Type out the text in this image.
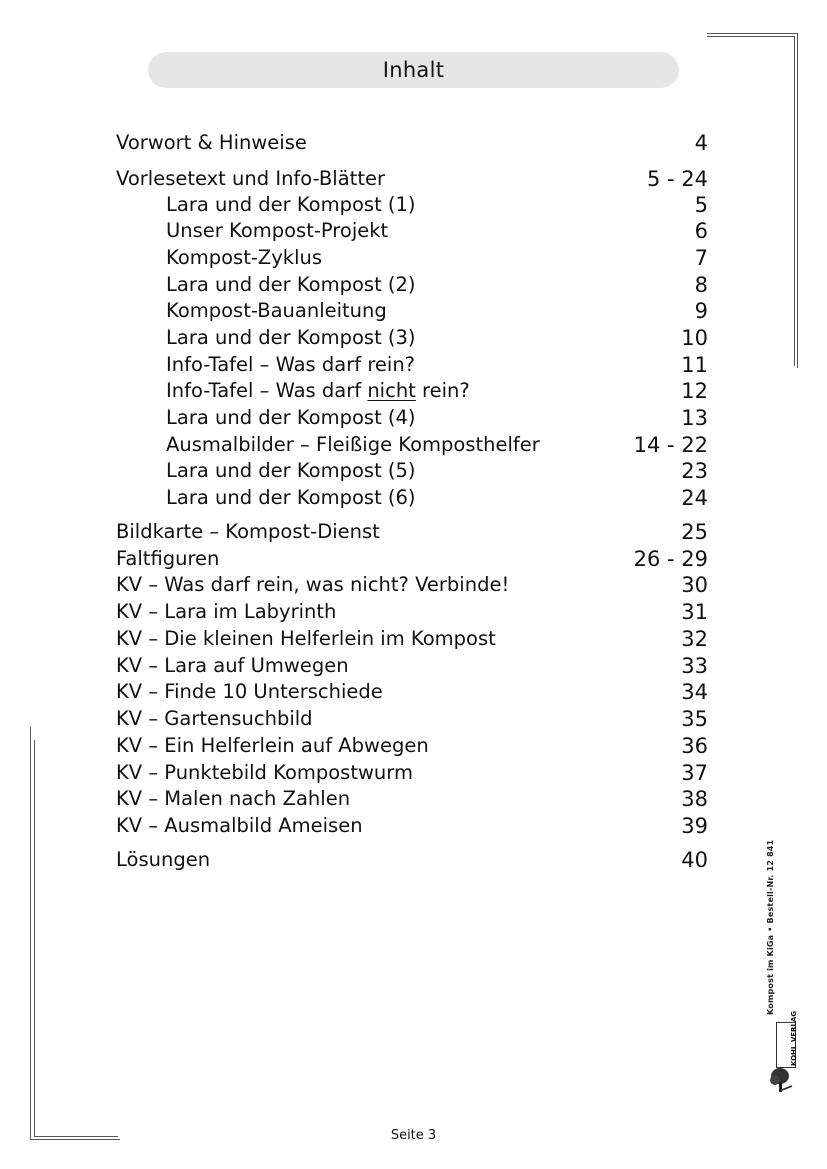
Inhalt
Vorwort & Hinweise	4
Vorlesetext und Info-Blätter	5 - 24
Lara und der Kompost (1)	5
Unser Kompost-Projekt	6
Kompost-Zyklus	7
Lara und der Kompost (2)	8
Kompost-Bauanleitung	9
Lara und der Kompost (3)	10
Info-Tafel – Was darf rein?	11
Info-Tafel – Was darf nicht rein?	12
Lara und der Kompost (4)	13
Ausmalbilder – Fleißige Komposthelfer	14 - 22
Lara und der Kompost (5)	23
Lara und der Kompost (6)	24
Bildkarte – Kompost-Dienst	25
Faltfiguren	26 - 29
KV – Was darf rein, was nicht? Verbinde!	30
KV – Lara im Labyrinth	31
KV – Die kleinen Helferlein im Kompost	32
KV – Lara auf Umwegen	33
KV – Finde 10 Unterschiede	34
KV – Gartensuchbild	35
KV – Ein Helferlein auf Abwegen	36
KV – Punktebild Kompostwurm	37
KV – Malen nach Zahlen	38
KV – Ausmalbild Ameisen	39
Lösungen	40	Kompost im KiGa • Bestell-Nr. 12 841
KOHL VERLAG
Seite 3
